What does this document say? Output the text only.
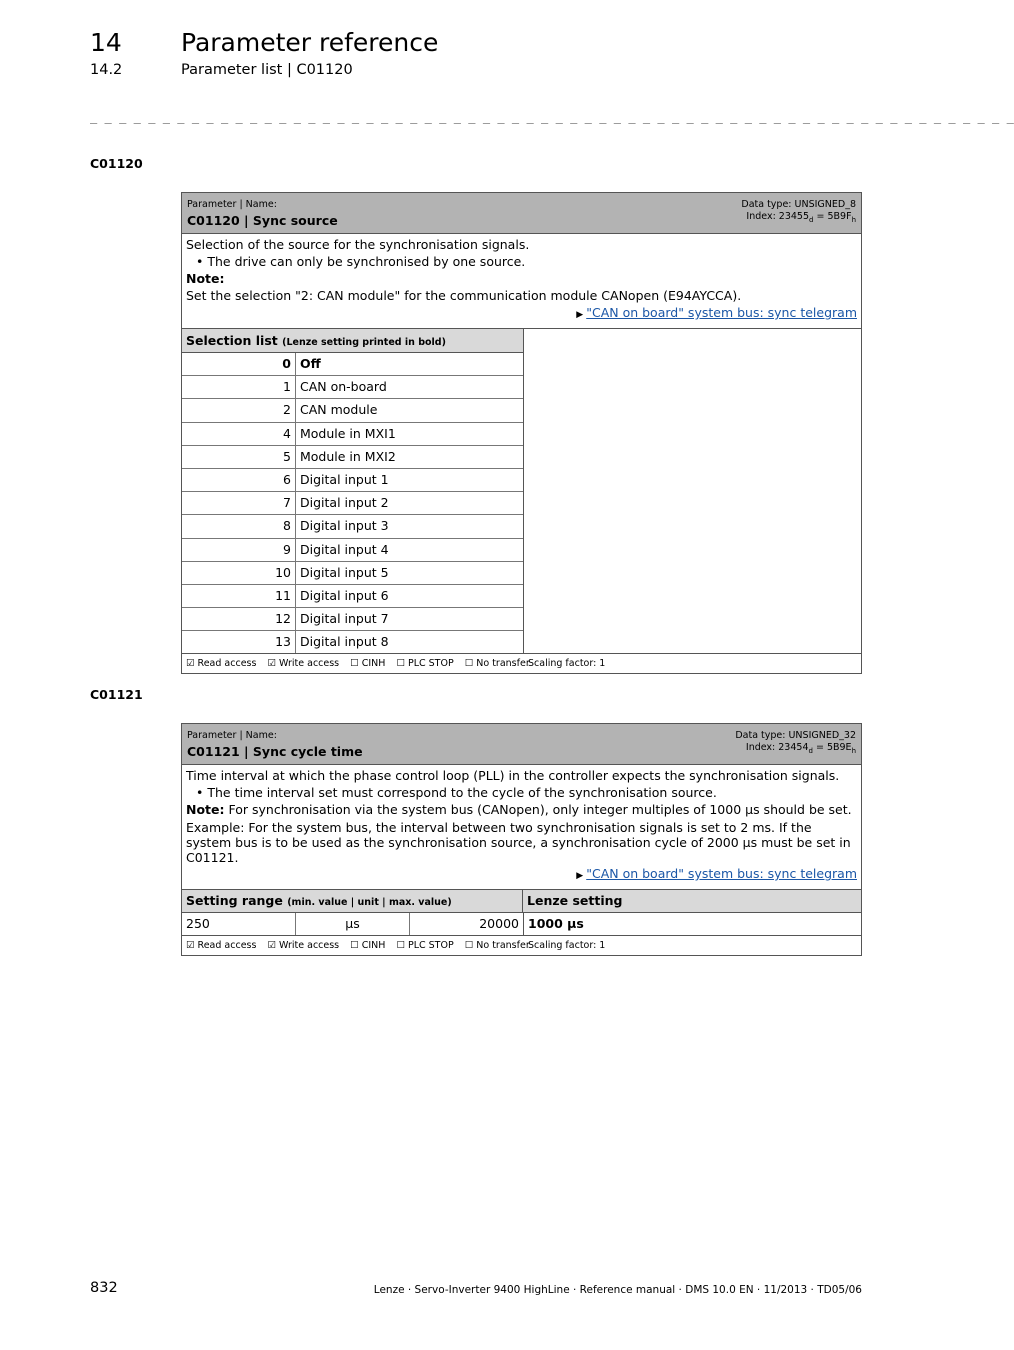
14 Parameter reference
14.2	Parameter list | C01120
_ _ _ _ _ _ _ _ _ _ _ _ _ _ _ _ _ _ _ _ _ _ _ _ _ _ _ _ _ _ _ _ _ _ _ _ _ _ _ _ _ _ _ _ _ _ _ _ _ _ _ _ _ _ _ _ _ _ _ _ _ _ _ _
C01120
Parameter | Name:
C01120 | Sync source
Data type: UNSIGNED_8
Index: $23455_d = 5B9F_h$
Selection of the source for the synchronisation signals.
• The drive can only be synchronised by one source.
Note:
Set the selection "2: CAN module" for the communication module CANopen (E94AYCCA).
▶ "CAN on board" system bus: sync telegram
Selection list (Lenze setting printed in bold)
0 Off
1 CAN on-board
2 CAN module
4 Module in MXI1
5 Module in MXI2
6 Digital input 1
7 Digital input 2
8 Digital input 3
9 Digital input 4
10 Digital input 5
11 Digital input 6
12 Digital input 7
13 Digital input 8
☑ Read access ☑ Write access ☐ CINH ☐ PLC STOP ☐ No transfer
Scaling factor: 1
C01121
Parameter | Name:
C01121 | Sync cycle time
Data type: UNSIGNED_32
Index: $23454_d = 5B9E_h$
Time interval at which the phase control loop (PLL) in the controller expects the synchronisation signals.
• The time interval set must correspond to the cycle of the synchronisation source.
Note: For synchronisation via the system bus (CANopen), only integer multiples of 1000 µs should be set.
Example: For the system bus, the interval between two synchronisation signals is set to 2 ms. If the system bus is to be used as the synchronisation source, a synchronisation cycle of 2000 µs must be set in C01121.
▶ "CAN on board" system bus: sync telegram
Setting range (min. value | unit | max. value)	Lenze setting
250	µs	20000 1000 µs
☑ Read access ☑ Write access ☐ CINH ☐ PLC STOP ☐ No transfer
Scaling factor: 1
832	Lenze · Servo-Inverter 9400 HighLine · Reference manual · DMS 10.0 EN · 11/2013 · TD05/06
